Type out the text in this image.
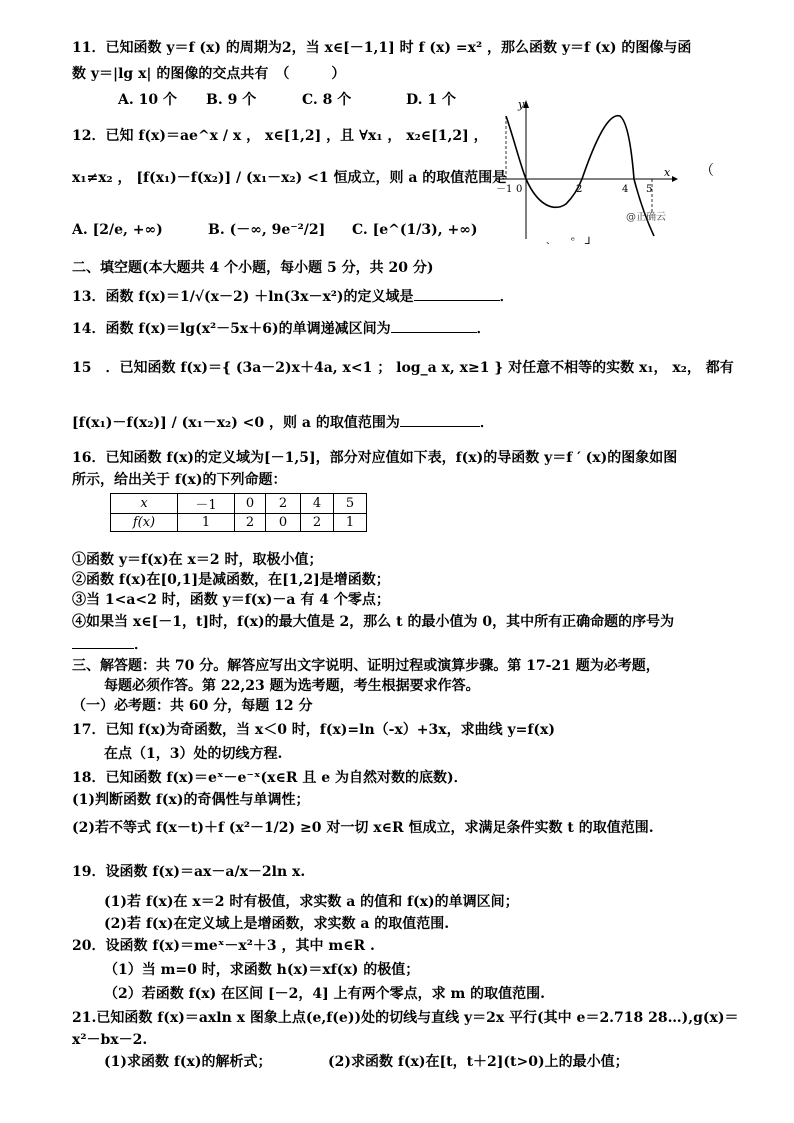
11．已知函数 y＝f (x) 的周期为2，当 x∈[－1,1] 时 f (x) =x² ，那么函数 y＝f (x) 的图像与函
数 y＝|lg x| 的图像的交点共有　（　　　）
A. 10 个 B. 9 个	C. 8 个	D. 1 个
12．已知 f(x)＝ae^x / x ， x∈[1,2] ，且 ∀x₁ ， x₂∈[1,2] ，
x₁≠x₂ ， [f(x₁)－f(x₂)] / (x₁－x₂) <1 恒成立，则 a 的取值范围是
A. [2/e, +∞)	B. (－∞, 9e⁻²/2] C. [e^(1/3), +∞)
（
y
x
－1 0	2	4 5
@正确云
、　　ᵉ　⅃
二、填空题(本大题共 4 个小题，每小题 5 分，共 20 分)
13．函数 f(x)＝1/√(x－2) ＋ln(3x－x²)的定义域是	．
14．函数 f(x)＝lg(x²－5x＋6)的单调递减区间为	．
15　．已知函数 f(x)＝{ (3a－2)x＋4a, x<1 ； log_a x, x≥1 } 对任意不相等的实数 x₁， x₂， 都有
[f(x₁)－f(x₂)] / (x₁－x₂) <0 ，则 a 的取值范围为	．
16．已知函数 f(x)的定义域为[－1,5]，部分对应值如下表，f(x)的导函数 y＝f ′ (x)的图象如图
所示，给出关于 f(x)的下列命题：
x	－1	0	2	4	5
f(x)	1	2	0	2	1
①函数 y＝f(x)在 x＝2 时，取极小值；
②函数 f(x)在[0,1]是减函数，在[1,2]是增函数；
③当 1<a<2 时，函数 y＝f(x)－a 有 4 个零点；
④如果当 x∈[－1，t]时，f(x)的最大值是 2，那么 t 的最小值为 0，其中所有正确命题的序号为
．
三、解答题：共 70 分。解答应写出文字说明、证明过程或演算步骤。第 17-21 题为必考题，
每题必须作答。第 22,23 题为选考题，考生根据要求作答。
（一）必考题：共 60 分，每题 12 分
17．已知 f(x)为奇函数，当 x＜0 时，f(x)=ln（-x）+3x，求曲线 y=f(x)
在点（1，3）处的切线方程.
18．已知函数 f(x)＝eˣ－e⁻ˣ(x∈R 且 e 为自然对数的底数)．
(1)判断函数 f(x)的奇偶性与单调性；
(2)若不等式 f(x－t)＋f (x²－1/2) ≥0 对一切 x∈R 恒成立，求满足条件实数 t 的取值范围.
19．设函数 f(x)＝ax－a/x－2ln x.
(1)若 f(x)在 x＝2 时有极值，求实数 a 的值和 f(x)的单调区间；
(2)若 f(x)在定义域上是增函数，求实数 a 的取值范围.
20．设函数 f(x)＝meˣ－x²＋3 ，其中 m∈R .
（1）当 m=0 时，求函数 h(x)＝xf(x) 的极值；
（2）若函数 f(x) 在区间 [－2，4] 上有两个零点，求 m 的取值范围.
21.已知函数 f(x)＝axln x 图象上点(e,f(e))处的切线与直线 y＝2x 平行(其中 e＝2.718 28…),g(x)＝
x²－bx－2.
(1)求函数 f(x)的解析式；	(2)求函数 f(x)在[t，t＋2](t>0)上的最小值；
